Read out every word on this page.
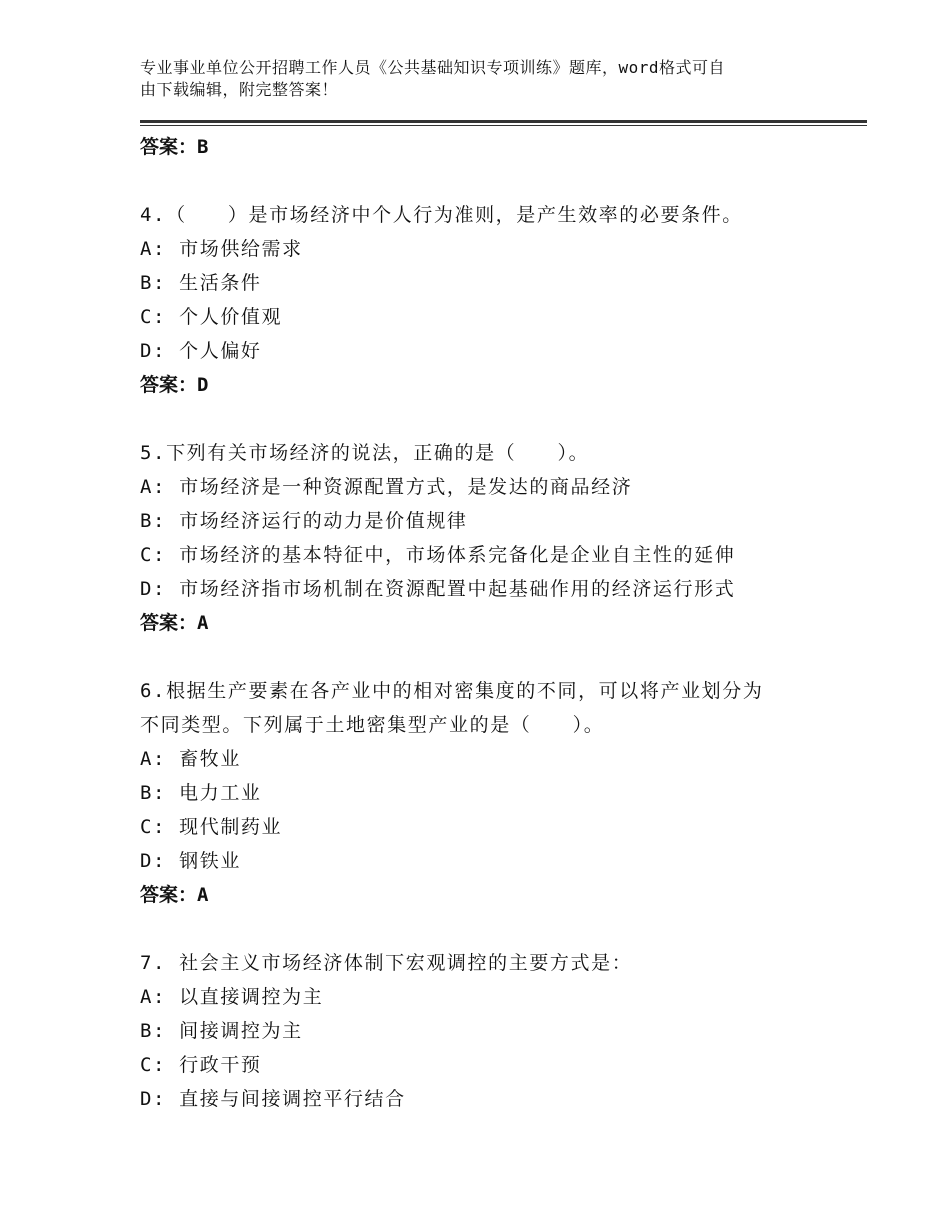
专业事业单位公开招聘工作人员《公共基础知识专项训练》题库，word格式可自
由下载编辑，附完整答案！
答案：B
4.（　　）是市场经济中个人行为准则，是产生效率的必要条件。
A: 市场供给需求
B: 生活条件
C: 个人价值观
D: 个人偏好
答案：D
5.下列有关市场经济的说法，正确的是（　　）。
A: 市场经济是一种资源配置方式，是发达的商品经济
B: 市场经济运行的动力是价值规律
C: 市场经济的基本特征中，市场体系完备化是企业自主性的延伸
D: 市场经济指市场机制在资源配置中起基础作用的经济运行形式
答案：A
6.根据生产要素在各产业中的相对密集度的不同，可以将产业划分为
不同类型。下列属于土地密集型产业的是（　　）。
A: 畜牧业
B: 电力工业
C: 现代制药业
D: 钢铁业
答案：A
7. 社会主义市场经济体制下宏观调控的主要方式是：
A: 以直接调控为主
B: 间接调控为主
C: 行政干预
D: 直接与间接调控平行结合
